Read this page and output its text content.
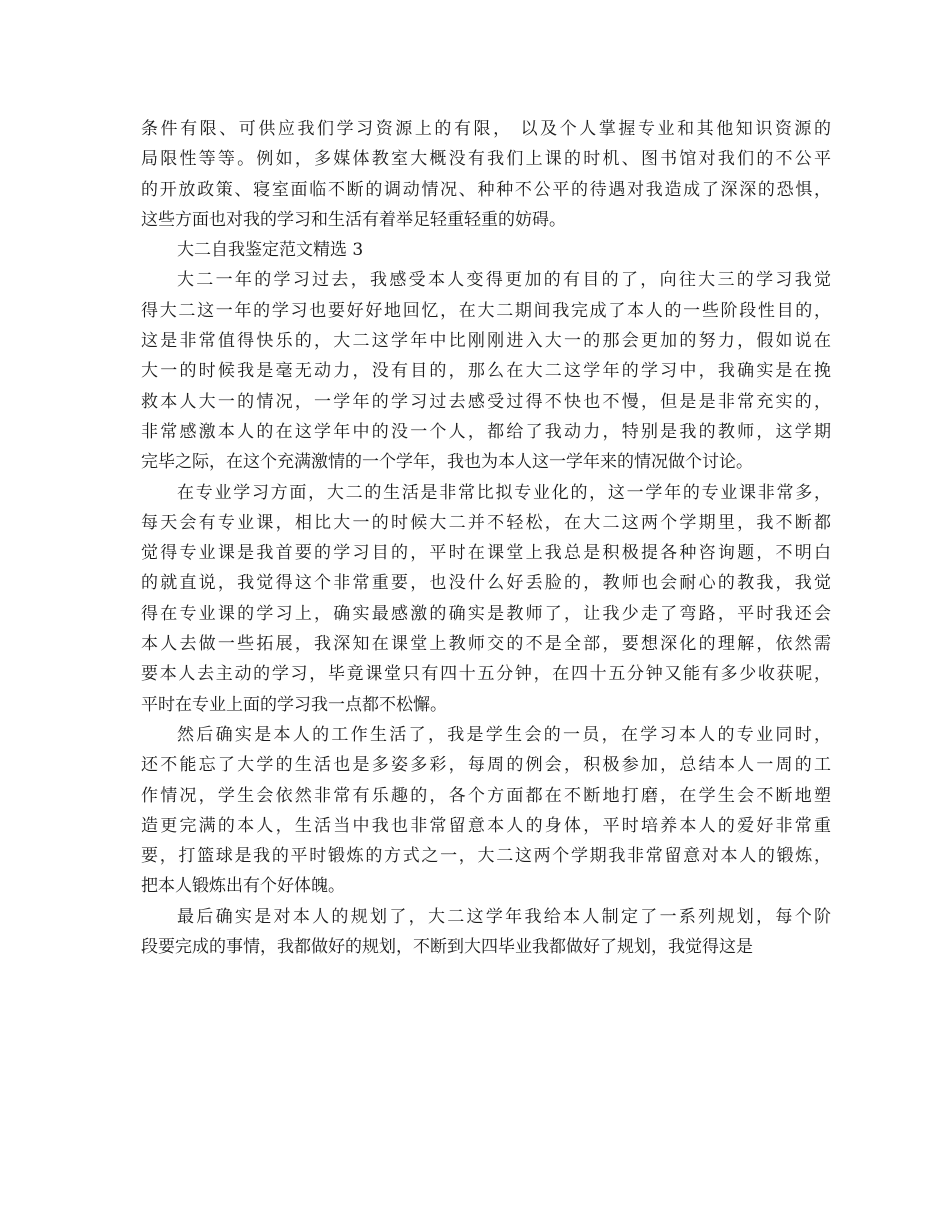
条件有限、可供应我们学习资源上的有限， 以及个人掌握专业和其他知识资源的
局限性等等。例如，多媒体教室大概没有我们上课的时机、图书馆对我们的不公平
的开放政策、寝室面临不断的调动情况、种种不公平的待遇对我造成了深深的恐惧，
这些方面也对我的学习和生活有着举足轻重轻重的妨碍。
大二自我鉴定范文精选 3
大二一年的学习过去，我感受本人变得更加的有目的了，向往大三的学习我觉
得大二这一年的学习也要好好地回忆，在大二期间我完成了本人的一些阶段性目的，
这是非常值得快乐的，大二这学年中比刚刚进入大一的那会更加的努力，假如说在
大一的时候我是毫无动力，没有目的，那么在大二这学年的学习中，我确实是在挽
救本人大一的情况，一学年的学习过去感受过得不快也不慢，但是是非常充实的，
非常感激本人的在这学年中的没一个人，都给了我动力，特别是我的教师，这学期
完毕之际，在这个充满激情的一个学年，我也为本人这一学年来的情况做个讨论。
在专业学习方面，大二的生活是非常比拟专业化的，这一学年的专业课非常多，
每天会有专业课，相比大一的时候大二并不轻松，在大二这两个学期里，我不断都
觉得专业课是我首要的学习目的，平时在课堂上我总是积极提各种咨询题，不明白
的就直说，我觉得这个非常重要，也没什么好丢脸的，教师也会耐心的教我，我觉
得在专业课的学习上，确实最感激的确实是教师了，让我少走了弯路，平时我还会
本人去做一些拓展，我深知在课堂上教师交的不是全部，要想深化的理解，依然需
要本人去主动的学习，毕竟课堂只有四十五分钟，在四十五分钟又能有多少收获呢，
平时在专业上面的学习我一点都不松懈。
然后确实是本人的工作生活了，我是学生会的一员，在学习本人的专业同时，
还不能忘了大学的生活也是多姿多彩，每周的例会，积极参加，总结本人一周的工
作情况，学生会依然非常有乐趣的，各个方面都在不断地打磨，在学生会不断地塑
造更完满的本人，生活当中我也非常留意本人的身体，平时培养本人的爱好非常重
要，打篮球是我的平时锻炼的方式之一，大二这两个学期我非常留意对本人的锻炼，
把本人锻炼出有个好体魄。
最后确实是对本人的规划了，大二这学年我给本人制定了一系列规划，每个阶
段要完成的事情，我都做好的规划，不断到大四毕业我都做好了规划，我觉得这是
